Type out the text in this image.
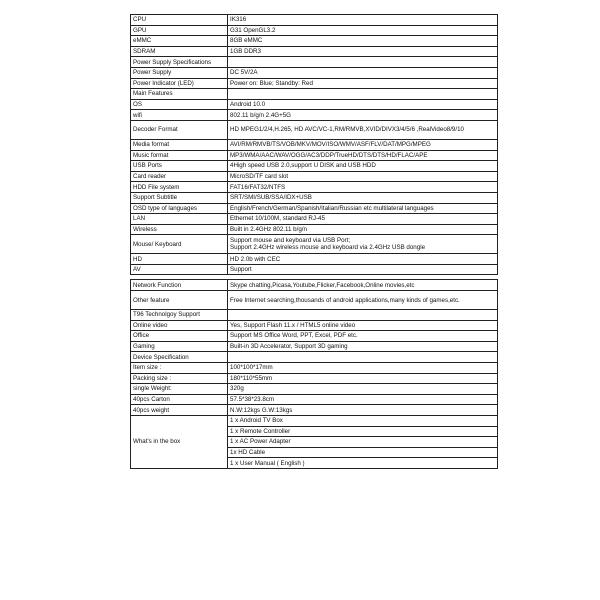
CPU	IK316
GPU	G31 OpenGL3.2
eMMC	8GB eMMC
SDRAM	1GB DDR3
Power Supply Specifications	
Power Supply	DC 5V/2A
Power Indicator (LED)	Power on: Blue; Standby: Red
Main Features	
OS	Android 10.0
wifi	802.11 b/g/n 2.4G+5G
Decoder Format	HD MPEG1/2/4,H.265, HD AVC/VC-1,RM/RMVB,XVID/DIVX3/4/5/6 ,RealVideo8/9/10
Media format	AVI/RM/RMVB/TS/VOB/MKV/MOV/ISO/WMV/ASF/FLV/DAT/MPG/MPEG
Music format	MP3/WMA/AAC/WAV/OGG/AC3/DDP/TrueHD/DTS/DTS/HD/FLAC/APE
USB Ports	4High speed USB 2.0,support U DISK and USB HDD
Card reader	MicroSD/TF card slot
HDD File system	FAT16/FAT32/NTFS
Support Subtitle	SRT/SMI/SUB/SSA/IDX+USB
OSD type of languages	English/French/German/Spanish/Italian/Russian etc multilateral languages
LAN	Ethernet 10/100M, standard RJ-45
Wireless	Built in 2.4GHz 802.11 b/g/n
Mouse/ Keyboard	Support mouse and keyboard via USB Port;
Support 2.4GHz wireless mouse and keyboard via 2.4GHz USB dongle

HD	HD 2.0b with CEC
AV	Support

Network Function	Skype chatting,Picasa,Youtube,Flicker,Facebook,Online movies,etc
Other feature	Free Internet searching,thousands of android applications,many kinds of games,etc.
T96 Technolgoy Support	
Online video	Yes, Support Flash 11.x / HTML5 online video
Office	Support MS Office Word, PPT, Excel, PDF etc.
Gaming	Built-in 3D Accelerator, Support 3D gaming
Device Specification	
Item size :	100*100*17mm
Packing size :	180*110*55mm
single Weight:	320g
40pcs Carton	57.5*38*23.8cm
40pcs weight	N.W:12kgs G.W:13kgs
What's in the box	1 x Android TV Box
	1 x Remote Controller
	1 x AC Power Adapter
	1x HD Cable
	1 x User Manual ( English )
